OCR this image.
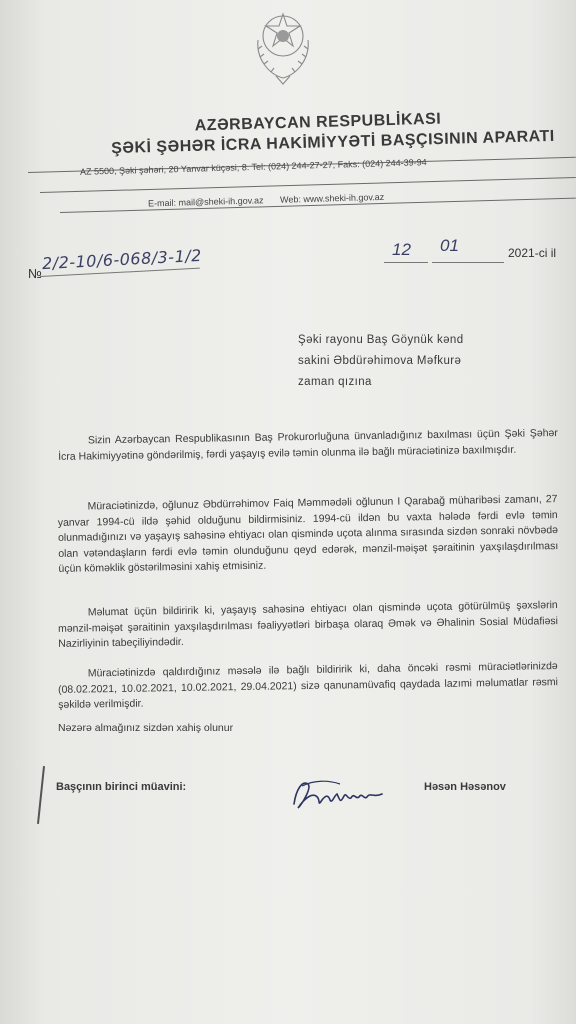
AZƏRBAYCAN RESPUBLİKASI
ŞƏKİ ŞƏHƏR İCRA HAKİMİYYƏTİ BAŞÇISININ APARATI
AZ 5500, Şəki şəhəri, 20 Yanvar küçəsi, 8. Tel: (024) 244-27-27, Faks: (024) 244-39-94
E-mail: mail@sheki-ih.gov.az Web: www.sheki-ih.gov.az
№
2/2-10/6-068/3-1/2	12 01	2021-ci il
Şəki rayonu Baş Göynük kənd
sakini Əbdürəhimova Məfkurə
zaman qızına
Sizin Azərbaycan Respublikasının Baş Prokurorluğuna ünvanladığınız baxılması üçün Şəki Şəhər İcra Hakimiyyətinə göndərilmiş, fərdi yaşayış evilə təmin olunma ilə bağlı müraciətinizə baxılmışdır.
Müraciətinizdə, oğlunuz Əbdürrəhimov Faiq Məmmədəli oğlunun I Qarabağ müharibəsi zamanı, 27 yanvar 1994-cü ildə şəhid olduğunu bildirmisiniz. 1994-cü ildən bu vaxta hələdə fərdi evlə təmin olunmadığınızı və yaşayış sahəsinə ehtiyacı olan qismində uçota alınma sırasında sizdən sonraki növbədə olan vətəndaşların fərdi evlə təmin olunduğunu qeyd edərək, mənzil-məişət şəraitinin yaxşılaşdırılması üçün köməklik göstərilməsini xahiş etmisiniz.
Məlumat üçün bildiririk ki, yaşayış sahəsinə ehtiyacı olan qismində uçota götürülmüş şəxslərin mənzil-məişət şəraitinin yaxşılaşdırılması fəaliyyətləri birbaşa olaraq Əmək və Əhalinin Sosial Müdafiəsi Nazirliyinin tabeçiliyindədir.
Müraciətinizdə qaldırdığınız məsələ ilə bağlı bildiririk ki, daha öncəki rəsmi müraciətlərinizdə (08.02.2021, 10.02.2021, 10.02.2021, 29.04.2021) sizə qanunamüvafiq qaydada lazımi məlumatlar rəsmi şəkildə verilmişdir.
Nəzərə almağınız sizdən xahiş olunur
Başçının birinci müavini:	Həsən Həsənov
